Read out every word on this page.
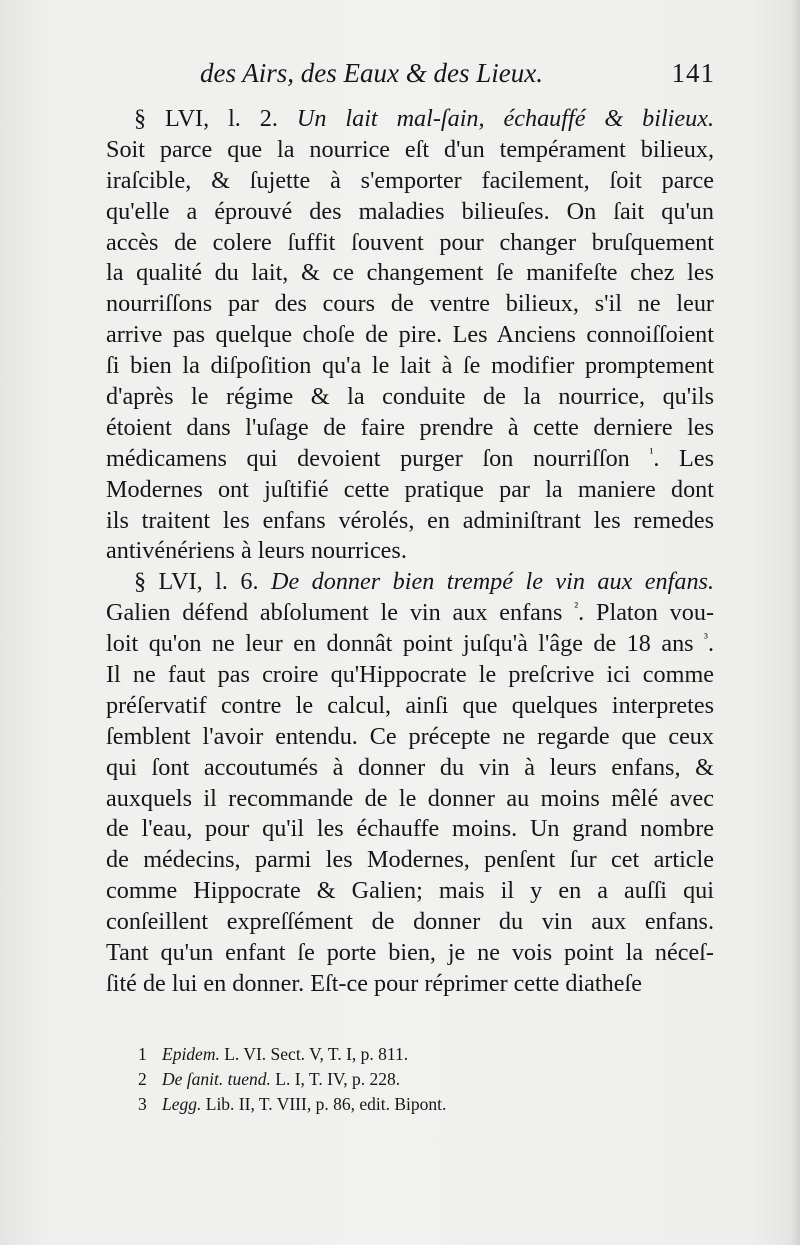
des Airs, des Eaux & des Lieux.	141
§ LVI, l. 2. Un lait mal-ſain, échauffé & bilieux.
Soit parce que la nourrice eſt d'un tempérament bilieux,
iraſcible, & ſujette à s'emporter facilement, ſoit parce
qu'elle a éprouvé des maladies bilieuſes. On ſait qu'un
accès de colere ſuffit ſouvent pour changer bruſquement
la qualité du lait, & ce changement ſe manifeſte chez les
nourriſſons par des cours de ventre bilieux, s'il ne leur
arrive pas quelque choſe de pire. Les Anciens connoiſſoient
ſi bien la diſpoſition qu'a le lait à ſe modifier promptement
d'après le régime & la conduite de la nourrice, qu'ils
étoient dans l'uſage de faire prendre à cette derniere les
médicamens qui devoient purger ſon nourriſſon $^{^1}$. Les
Modernes ont juſtifié cette pratique par la maniere dont
ils traitent les enfans vérolés, en adminiſtrant les remedes
antivénériens à leurs nourrices.
§ LVI, l. 6. De donner bien trempé le vin aux enfans.
Galien défend abſolument le vin aux enfans $^{^2}$. Platon vou-
loit qu'on ne leur en donnât point juſqu'à l'âge de 18 ans $^{^3}$.
Il ne faut pas croire qu'Hippocrate le preſcrive ici comme
préſervatif contre le calcul, ainſi que quelques interpretes
ſemblent l'avoir entendu. Ce précepte ne regarde que ceux
qui ſont accoutumés à donner du vin à leurs enfans, &
auxquels il recommande de le donner au moins mêlé avec
de l'eau, pour qu'il les échauffe moins. Un grand nombre
de médecins, parmi les Modernes, penſent ſur cet article
comme Hippocrate & Galien; mais il y en a auſſi qui
conſeillent expreſſément de donner du vin aux enfans.
Tant qu'un enfant ſe porte bien, je ne vois point la néceſ-
ſité de lui en donner. Eſt-ce pour réprimer cette diatheſe
1 Epidem. L. VI. Sect. V, T. I, p. 811.
2 De ſanit. tuend. L. I, T. IV, p. 228.
3 Legg. Lib. II, T. VIII, p. 86, edit. Bipont.
